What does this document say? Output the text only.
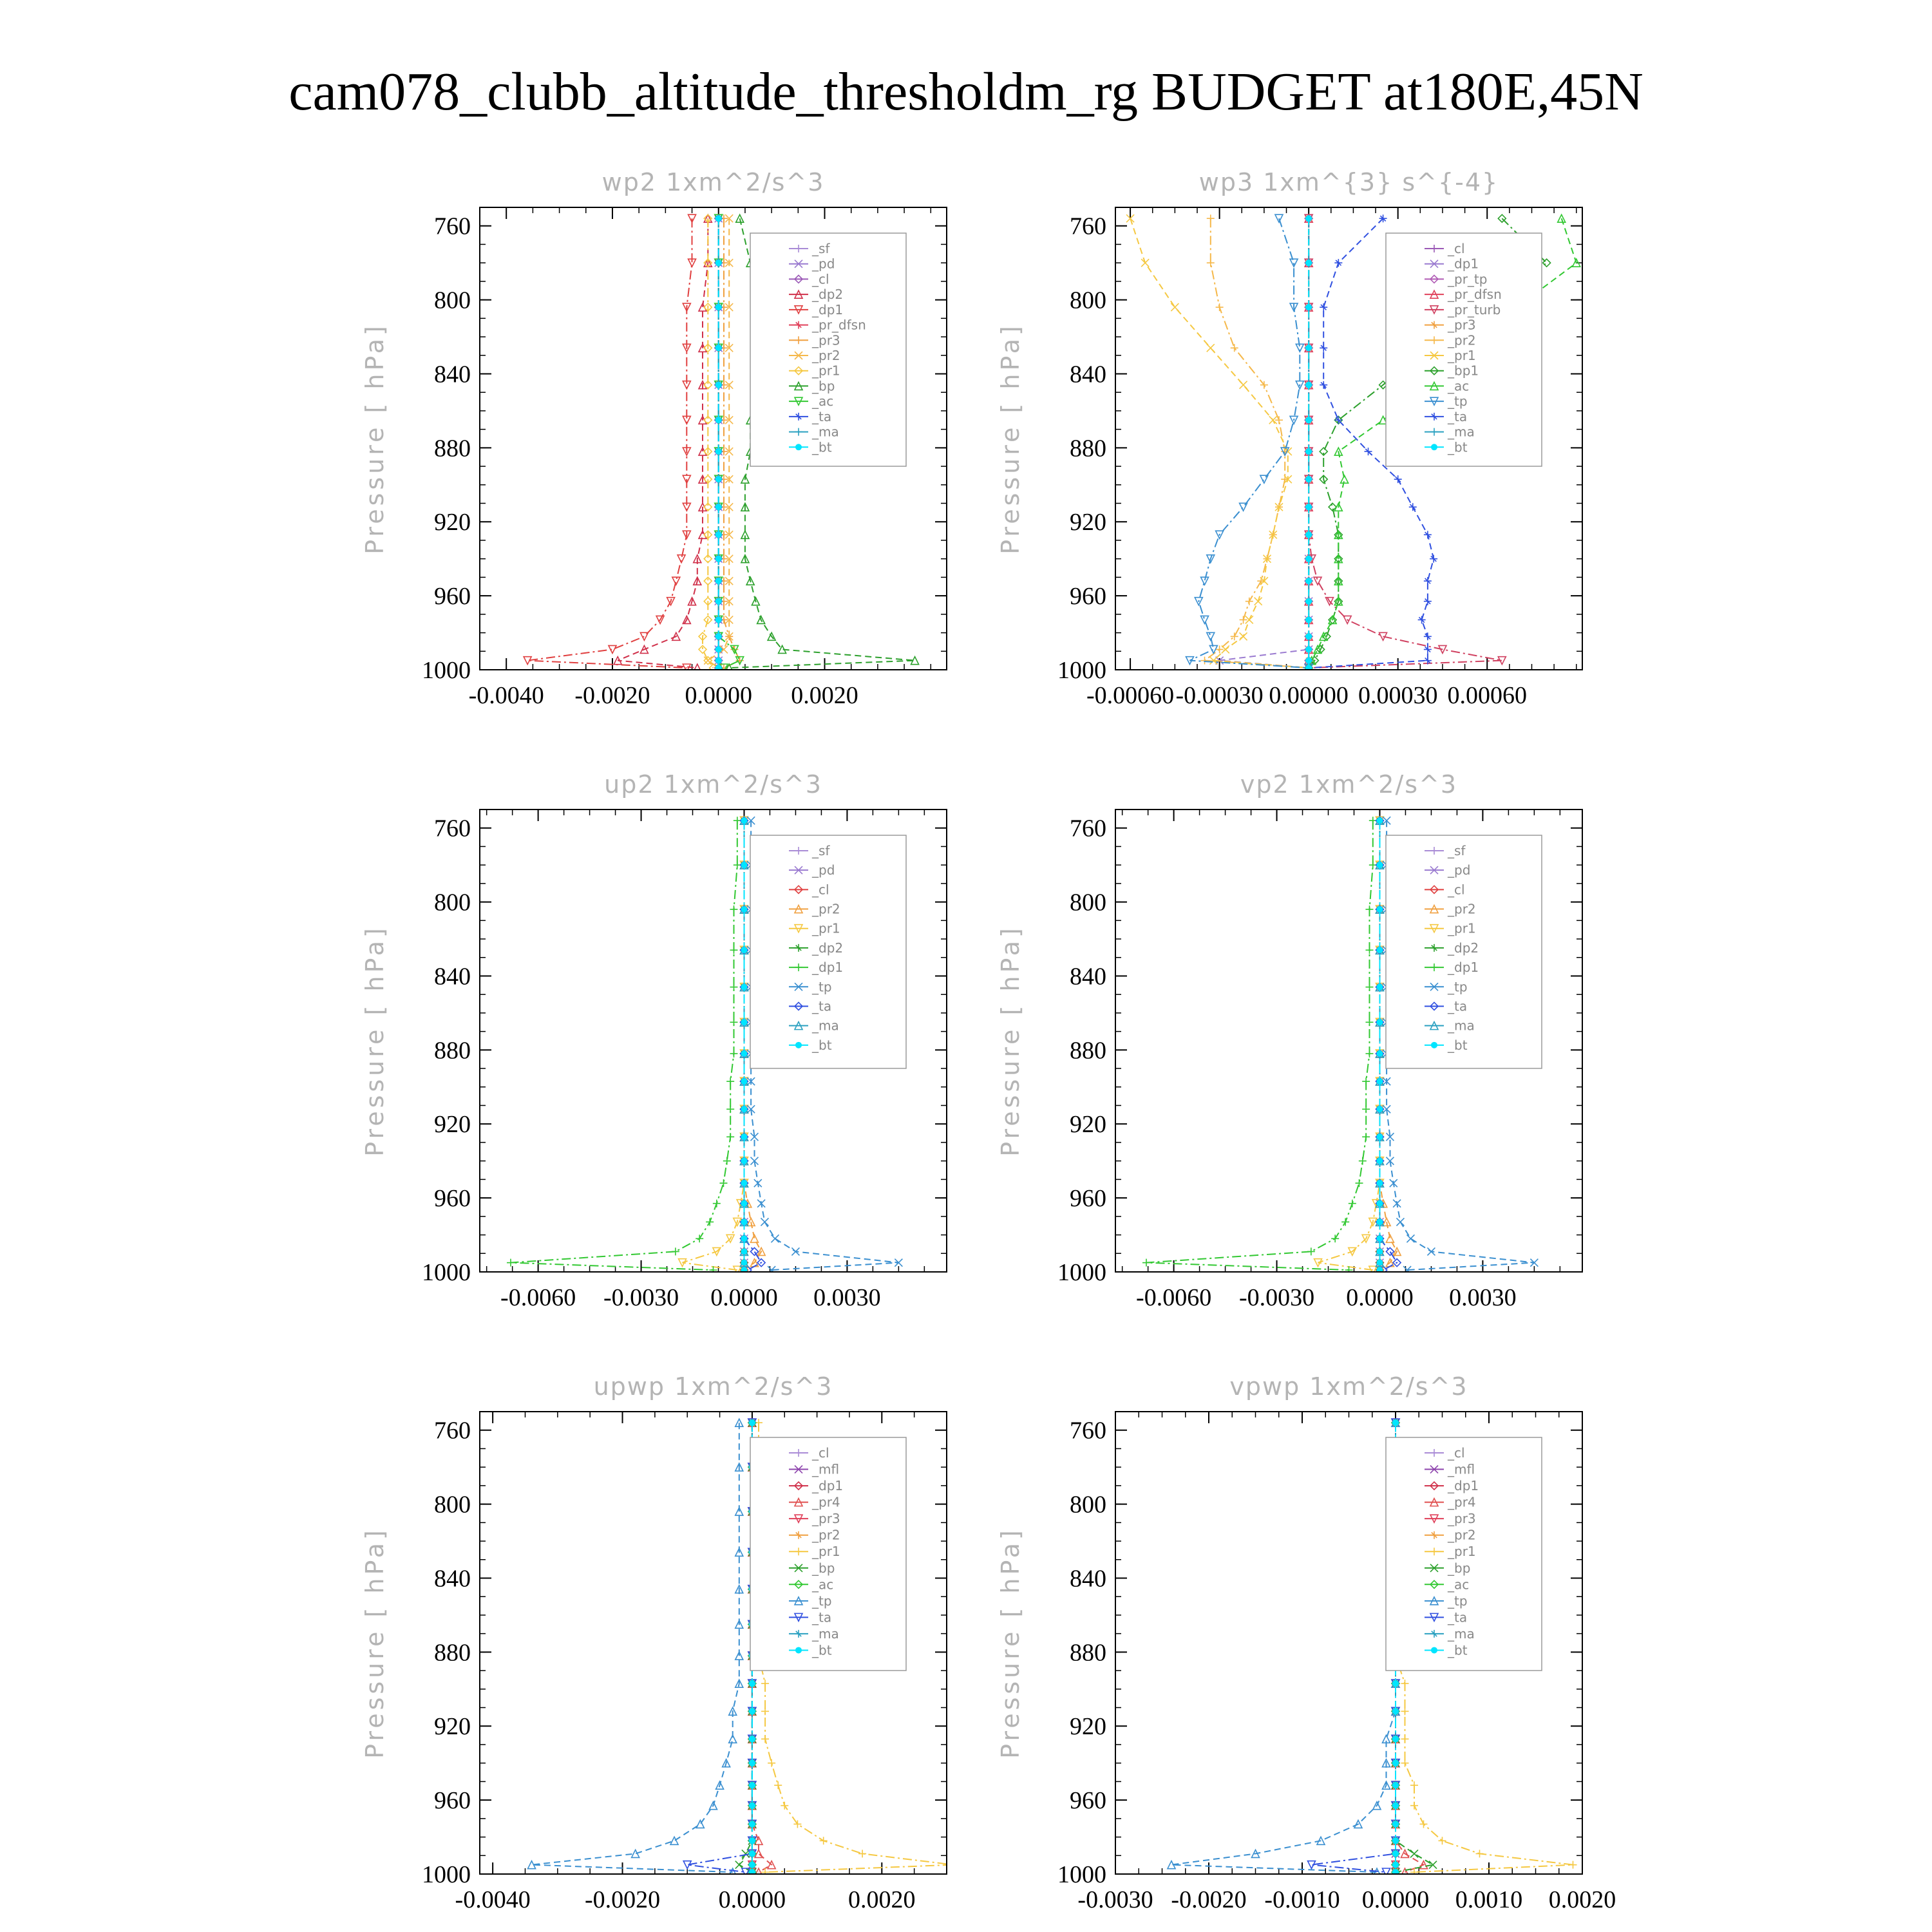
cam078_clubb_altitude_thresholdm_rg BUDGET at180E,45N
wp2 1xm^2/s^3
Pressure [ hPa]
760
800
840
880
920
960
1000
-0.0040 -0.0020 0.0000 0.0020
_sf
_pd
_cl
_dp2
_dp1
_pr_dfsn
_pr3
_pr2
_pr1
_bp
_ac
_ta
_ma
_bt
wp3 1xm^{3} s^{-4}
Pressure [ hPa]
760
800
840
880
920
960
1000
-0.00060 -0.00030 0.00000 0.00030 0.00060
_cl
_dp1
_pr_tp
_pr_dfsn
_pr_turb
_pr3
_pr2
_pr1
_bp1
_ac
_tp
_ta
_ma
_bt
up2 1xm^2/s^3
Pressure [ hPa]
760
800
840
880
920
960
1000
-0.0060 -0.0030 0.0000 0.0030
_sf
_pd
_cl
_pr2
_pr1
_dp2
_dp1
_tp
_ta
_ma
_bt
vp2 1xm^2/s^3
Pressure [ hPa]
760
800
840
880
920
960
1000
-0.0060 -0.0030 0.0000 0.0030
_sf
_pd
_cl
_pr2
_pr1
_dp2
_dp1
_tp
_ta
_ma
_bt
upwp 1xm^2/s^3
Pressure [ hPa]
760
800
840
880
920
960
1000
-0.0040 -0.0020 0.0000	0.0020
_cl
_mfl
_dp1
_pr4
_pr3
_pr2
_pr1
_bp
_ac
_tp
_ta
_ma
_bt
vpwp 1xm^2/s^3
Pressure [ hPa]
760
800
840
880
920
960
1000
-0.0030 -0.0020 -0.0010 0.0000 0.0010 0.0020
_cl
_mfl
_dp1
_pr4
_pr3
_pr2
_pr1
_bp
_ac
_tp
_ta
_ma
_bt
